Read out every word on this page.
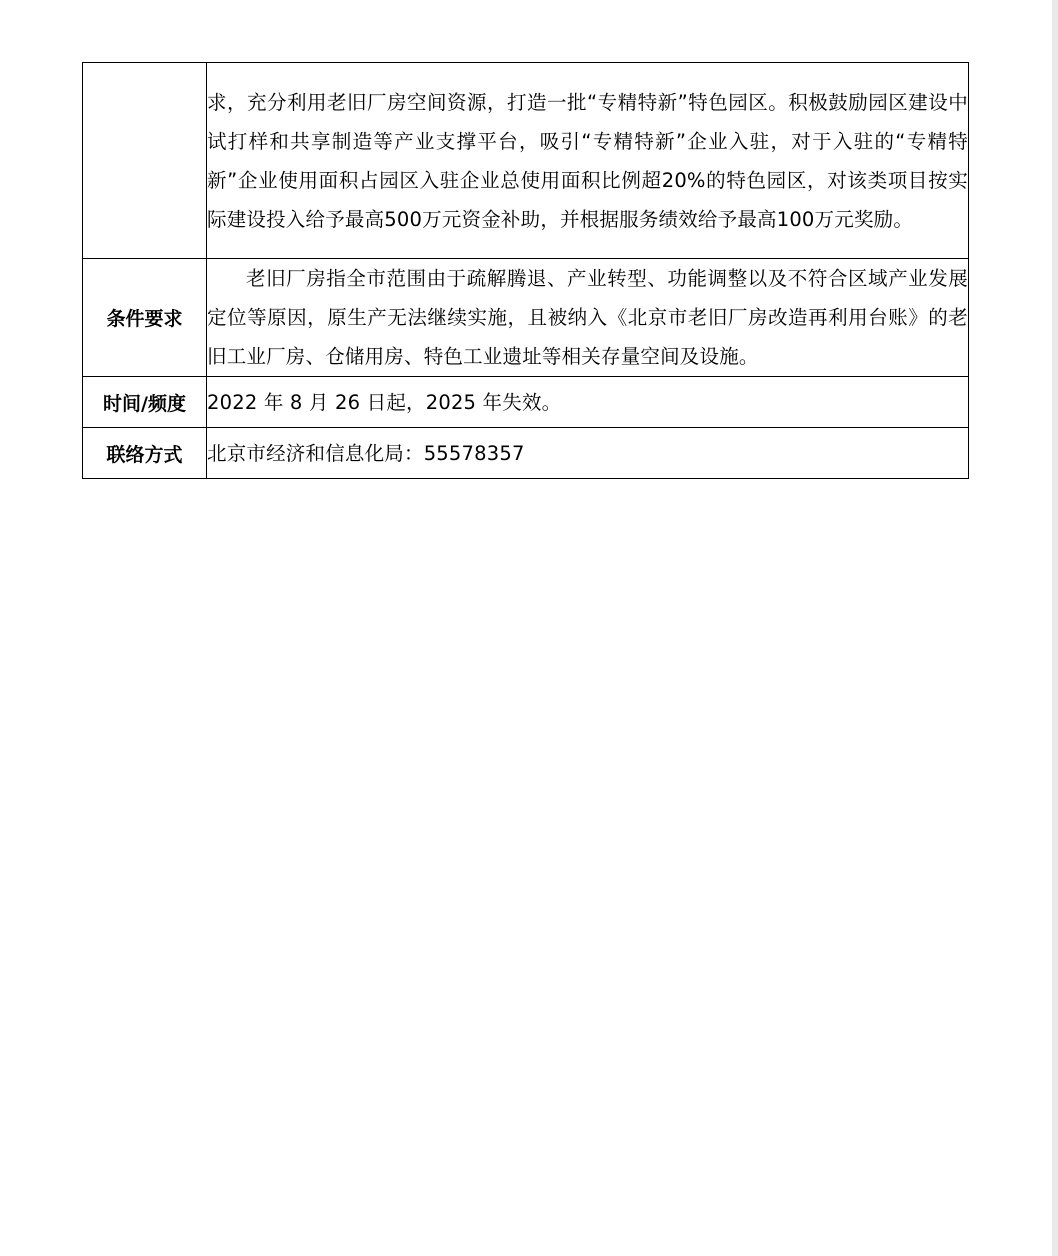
	求，充分利用老旧厂房空间资源，打造一批“专精特新”特色园区。积极鼓励园区建设中试打样和共享制造等产业支撑平台，吸引“专精特新”企业入驻，对于入驻的“专精特新”企业使用面积占园区入驻企业总使用面积比例超20%的特色园区，对该类项目按实际建设投入给予最高500万元资金补助，并根据服务绩效给予最高100万元奖励。

条件要求	老旧厂房指全市范围由于疏解腾退、产业转型、功能调整以及不符合区域产业发展定位等原因，原生产无法继续实施，且被纳入《北京市老旧厂房改造再利用台账》的老旧工业厂房、仓储用房、特色工业遗址等相关存量空间及设施。

时间/频度	2022 年 8 月 26 日起，2025 年失效。

联络方式	北京市经济和信息化局：55578357
